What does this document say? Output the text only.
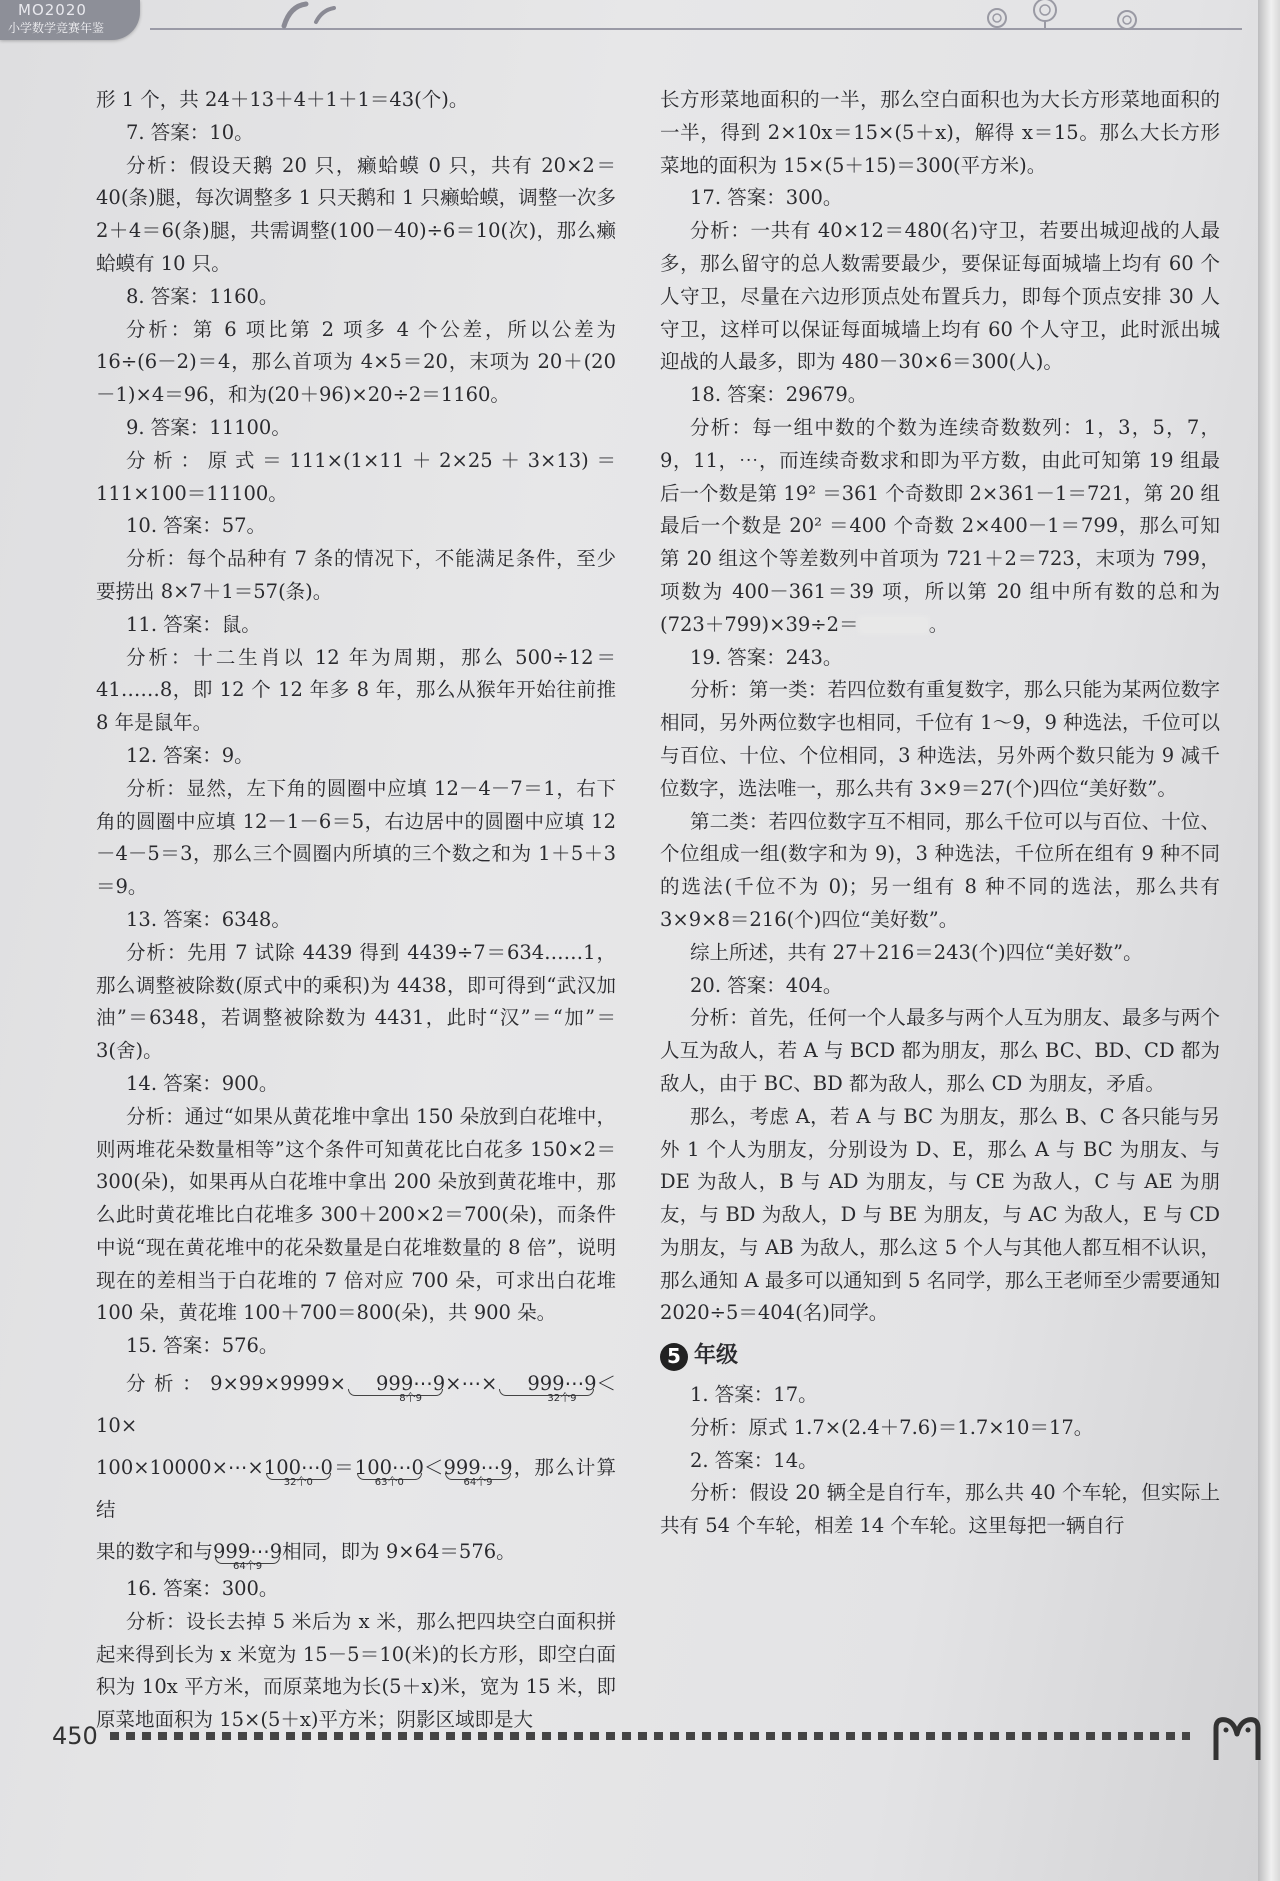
MO2020
小学数学竞赛年鉴

形 1 个，共 24＋13＋4＋1＋1＝43(个)。

7. 答案：10。

分析：假设天鹅 20 只，癞蛤蟆 0 只，共有 20×2＝40(条)腿，每次调整多 1 只天鹅和 1 只癞蛤蟆，调整一次多 2＋4＝6(条)腿，共需调整(100－40)÷6＝10(次)，那么癞蛤蟆有 10 只。

8. 答案：1160。

分析：第 6 项比第 2 项多 4 个公差，所以公差为 16÷(6－2)＝4，那么首项为 4×5＝20，末项为 20＋(20－1)×4＝96，和为(20＋96)×20÷2＝1160。

9. 答案：11100。

分析：原式＝111×(1×11＋2×25＋3×13)＝111×100＝11100。

10. 答案：57。

分析：每个品种有 7 条的情况下，不能满足条件，至少要捞出 8×7＋1＝57(条)。

11. 答案：鼠。

分析：十二生肖以 12 年为周期，那么 500÷12＝41……8，即 12 个 12 年多 8 年，那么从猴年开始往前推 8 年是鼠年。

12. 答案：9。

分析：显然，左下角的圆圈中应填 12－4－7＝1，右下角的圆圈中应填 12－1－6＝5，右边居中的圆圈中应填 12－4－5＝3，那么三个圆圈内所填的三个数之和为 1＋5＋3＝9。

13. 答案：6348。

分析：先用 7 试除 4439 得到 4439÷7＝634……1，那么调整被除数(原式中的乘积)为 4438，即可得到“武汉加油”＝6348，若调整被除数为 4431，此时“汉”＝“加”＝3(舍)。

14. 答案：900。

分析：通过“如果从黄花堆中拿出 150 朵放到白花堆中，则两堆花朵数量相等”这个条件可知黄花比白花多 150×2＝300(朵)，如果再从白花堆中拿出 200 朵放到黄花堆中，那么此时黄花堆比白花堆多 300＋200×2＝700(朵)，而条件中说“现在黄花堆中的花朵数量是白花堆数量的 8 倍”，说明现在的差相当于白花堆的 7 倍对应 700 朵，可求出白花堆 100 朵，黄花堆 100＋700＝800(朵)，共 900 朵。

15. 答案：576。

分析：9×99×9999× 999⋯9
8个9
×⋯× 999⋯9
32个9
＜10×

100×10000×⋯×100⋯0
32个0
＝100⋯0
63个0
＜999⋯9
64个9
，那么计算结

果的数字和与999⋯9
64个9
相同，即为 9×64＝576。

16. 答案：300。

分析：设长去掉 5 米后为 x 米，那么把四块空白面积拼起来得到长为 x 米宽为 15－5＝10(米)的长方形，即空白面积为 10x 平方米，而原菜地为长(5＋x)米，宽为 15 米，即原菜地面积为 15×(5＋x)平方米；阴影区域即是大

长方形菜地面积的一半，那么空白面积也为大长方形菜地面积的一半，得到 2×10x＝15×(5＋x)，解得 x＝15。那么大长方形菜地的面积为 15×(5＋15)＝300(平方米)。

17. 答案：300。

分析：一共有 40×12＝480(名)守卫，若要出城迎战的人最多，那么留守的总人数需要最少，要保证每面城墙上均有 60 个人守卫，尽量在六边形顶点处布置兵力，即每个顶点安排 30 人守卫，这样可以保证每面城墙上均有 60 个人守卫，此时派出城迎战的人最多，即为 480－30×6＝300(人)。

18. 答案：29679。

分析：每一组中数的个数为连续奇数数列：1，3，5，7，9，11，⋯，而连续奇数求和即为平方数，由此可知第 19 组最后一个数是第 19² ＝361 个奇数即 2×361－1＝721，第 20 组最后一个数是 20² ＝400 个奇数 2×400－1＝799，那么可知第 20 组这个等差数列中首项为 721＋2＝723，末项为 799，项数为 400－361＝39 项，所以第 20 组中所有数的总和为(723＋799)×39÷2＝	。

19. 答案：243。

分析：第一类：若四位数有重复数字，那么只能为某两位数字相同，另外两位数字也相同，千位有 1～9，9 种选法，千位可以与百位、十位、个位相同，3 种选法，另外两个数只能为 9 减千位数字，选法唯一，那么共有 3×9＝27(个)四位“美好数”。

第二类：若四位数字互不相同，那么千位可以与百位、十位、个位组成一组(数字和为 9)，3 种选法，千位所在组有 9 种不同的选法(千位不为 0)；另一组有 8 种不同的选法，那么共有 3×9×8＝216(个)四位“美好数”。

综上所述，共有 27＋216＝243(个)四位“美好数”。

20. 答案：404。

分析：首先，任何一个人最多与两个人互为朋友、最多与两个人互为敌人，若 A 与 BCD 都为朋友，那么 BC、BD、CD 都为敌人，由于 BC、BD 都为敌人，那么 CD 为朋友，矛盾。

那么，考虑 A，若 A 与 BC 为朋友，那么 B、C 各只能与另外 1 个人为朋友，分别设为 D、E，那么 A 与 BC 为朋友、与 DE 为敌人，B 与 AD 为朋友，与 CE 为敌人，C 与 AE 为朋友，与 BD 为敌人，D 与 BE 为朋友，与 AC 为敌人，E 与 CD 为朋友，与 AB 为敌人，那么这 5 个人与其他人都互相不认识，那么通知 A 最多可以通知到 5 名同学，那么王老师至少需要通知 2020÷5＝404(名)同学。

5 年级

1. 答案：17。

分析：原式 1.7×(2.4＋7.6)＝1.7×10＝17。

2. 答案：14。

分析：假设 20 辆全是自行车，那么共 40 个车轮，但实际上共有 54 个车轮，相差 14 个车轮。这里每把一辆自行

450
